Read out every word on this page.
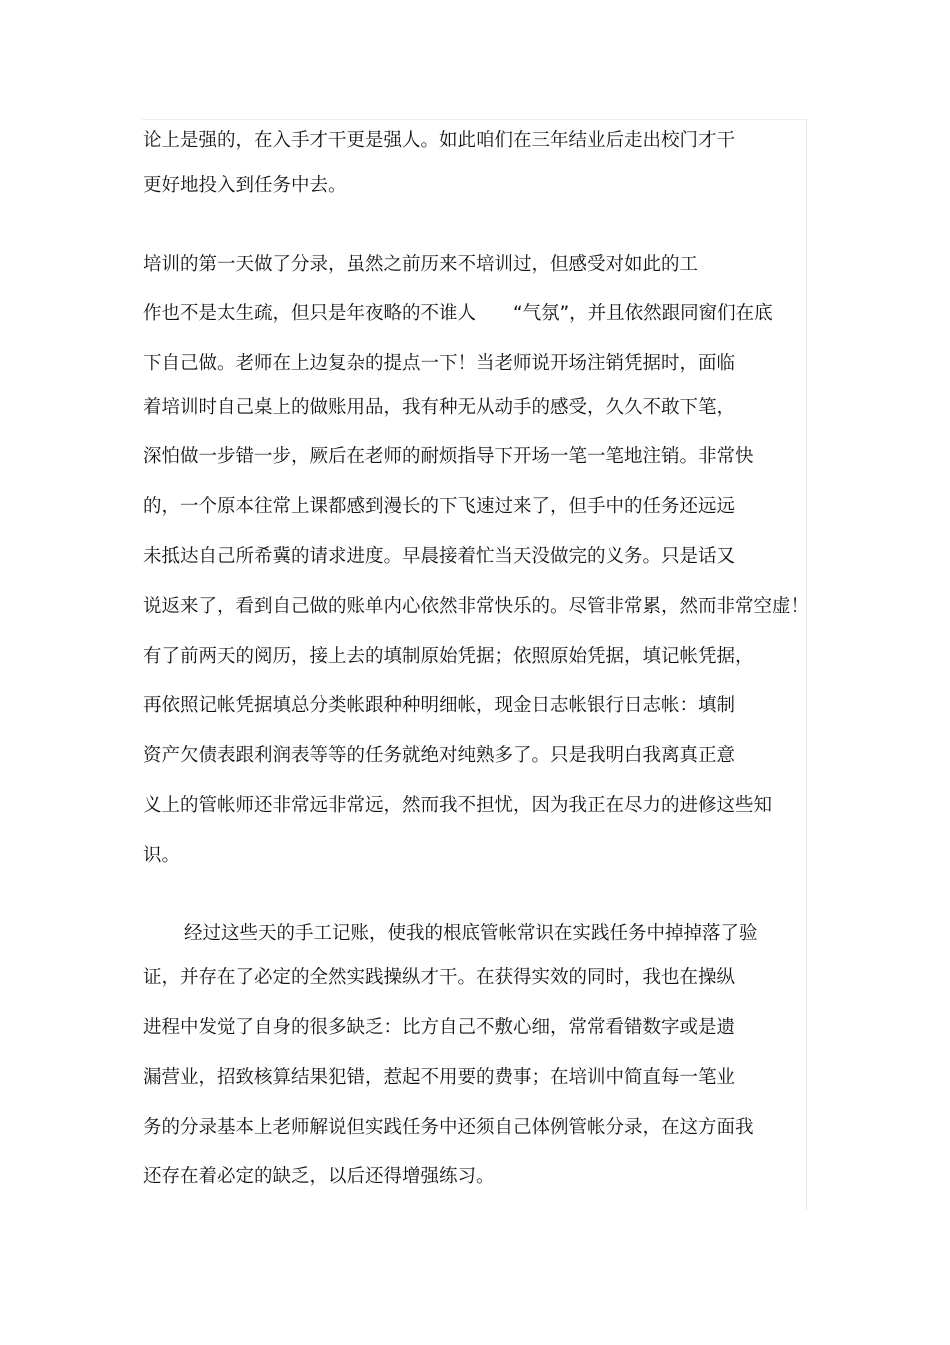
论上是强的，在入手才干更是强人。如此咱们在三年结业后走出校门才干
更好地投入到任务中去。
培训的第一天做了分录，虽然之前历来不培训过，但感受对如此的工
作也不是太生疏，但只是年夜略的不谁人　　“气氛”，并且依然跟同窗们在底
下自己做。老师在上边复杂的提点一下！当老师说开场注销凭据时，面临
着培训时自己桌上的做账用品，我有种无从动手的感受，久久不敢下笔，
深怕做一步错一步，厥后在老师的耐烦指导下开场一笔一笔地注销。非常快
的，一个原本往常上课都感到漫长的下飞速过来了，但手中的任务还远远
未抵达自己所希冀的请求进度。早晨接着忙当天没做完的义务。只是话又
说返来了，看到自己做的账单内心依然非常快乐的。尽管非常累，然而非常空虚！
有了前两天的阅历，接上去的填制原始凭据；依照原始凭据，填记帐凭据，
再依照记帐凭据填总分类帐跟种种明细帐，现金日志帐银行日志帐：填制
资产欠债表跟利润表等等的任务就绝对纯熟多了。只是我明白我离真正意
义上的管帐师还非常远非常远，然而我不担忧，因为我正在尽力的进修这些知
识。
经过这些天的手工记账，使我的根底管帐常识在实践任务中掉掉落了验
证，并存在了必定的全然实践操纵才干。在获得实效的同时，我也在操纵
进程中发觉了自身的很多缺乏：比方自己不敷心细，常常看错数字或是遗
漏营业，招致核算结果犯错，惹起不用要的费事；在培训中简直每一笔业
务的分录基本上老师解说但实践任务中还须自己体例管帐分录，在这方面我
还存在着必定的缺乏，以后还得增强练习。
